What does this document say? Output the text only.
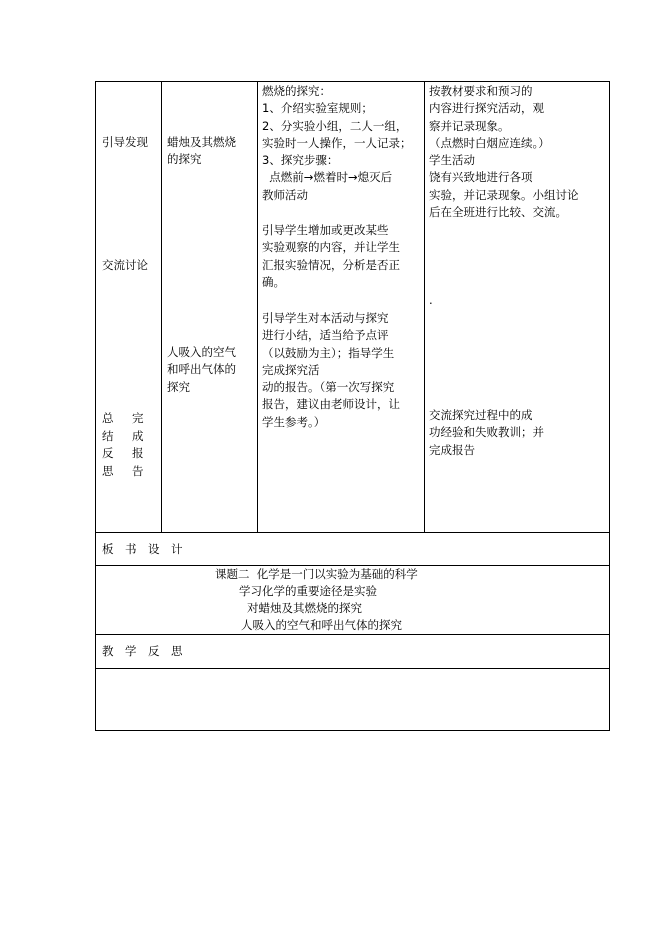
引导发现
交流讨论
总 完
结 成
反 报
思 告
蜡烛及其燃烧
的探究
人吸入的空气
和呼出气体的
探究
燃烧的探究：
1、介绍实验室规则；
2、分实验小组，二人一组，
实验时一人操作，一人记录；
3、探究步骤：
点燃前→燃着时→熄灭后
教师活动
引导学生增加或更改某些
实验观察的内容，并让学生
汇报实验情况，分析是否正
确。
引导学生对本活动与探究
进行小结，适当给予点评
（以鼓励为主）；指导学生
完成探究活
动的报告。（第一次写探究
报告，建议由老师设计，让
学生参考。）
按教材要求和预习的
内容进行探究活动，观
察并记录现象。
（点燃时白烟应连续。）
学生活动
饶有兴致地进行各项
实验，并记录现象。小组讨论
后在全班进行比较、交流。
.
交流探究过程中的成
功经验和失败教训；并
完成报告
板　书　设　计
课题二  化学是一门以实验为基础的科学
学习化学的重要途径是实验
对蜡烛及其燃烧的探究
人吸入的空气和呼出气体的探究
教　学　反　思
